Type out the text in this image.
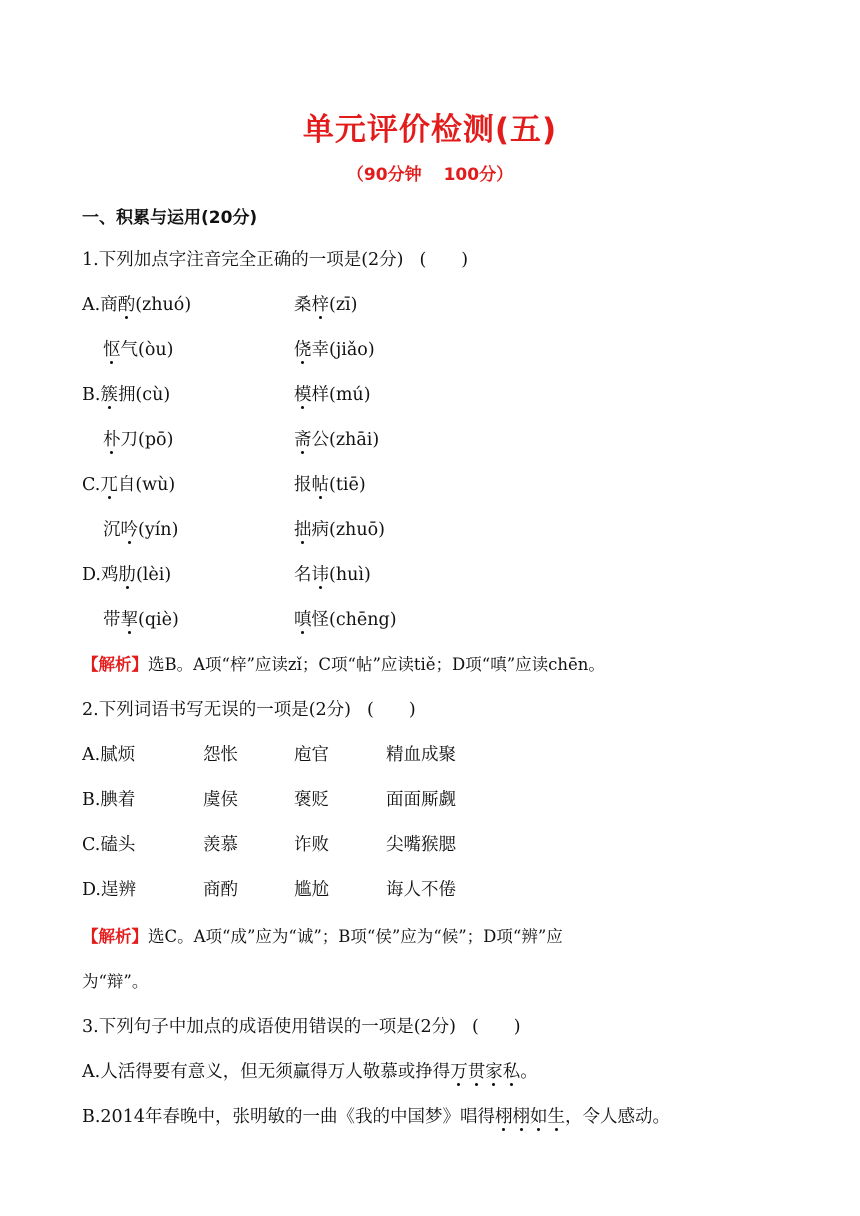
单元评价检测(五)
（90分钟 100分）
一、积累与运用(20分)
1.下列加点字注音完全正确的一项是(2分) (　　)
A.商酌(zhuó)	桑梓(zī)
怄气(òu)	侥幸(jiǎo)
B.簇拥(cù)	模样(mú)
朴刀(pō)	斋公(zhāi)
C.兀自(wù)	报帖(tiē)
沉吟(yín)	拙病(zhuō)
D.鸡肋(lèi)	名讳(huì)
带挈(qiè)	嗔怪(chēng)
【解析】选B。A项“梓”应读zǐ；C项“帖”应读tiě；D项“嗔”应读chēn。
2.下列词语书写无误的一项是(2分) (　　)
A.腻烦	怨怅	庖官	精血成聚
B.腆着	虞侯	褒贬	面面厮觑
C.磕头	羡慕	诈败	尖嘴猴腮
D.逞辨	商酌	尴尬	诲人不倦
【解析】选C。A项“成”应为“诚”；B项“侯”应为“候”；D项“辨”应
为“辩”。
3.下列句子中加点的成语使用错误的一项是(2分) (　　)
A.人活得要有意义，但无须赢得万人敬慕或挣得万贯家私。
B.2014年春晚中，张明敏的一曲《我的中国梦》唱得栩栩如生，令人感动。
